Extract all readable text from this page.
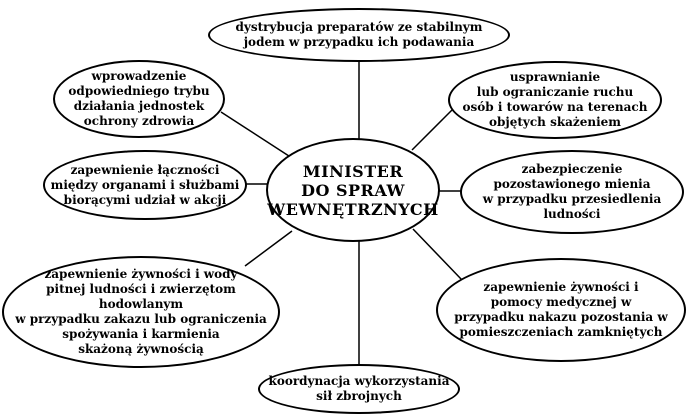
dystrybucja preparatów ze stabilnym
jodem w przypadku ich podawania
wprowadzenie
odpowiedniego trybu
działania jednostek
ochrony zdrowia
usprawnianie
lub ograniczanie ruchu
osób i towarów na terenach
objętych skażeniem
zapewnienie łączności
między organami i służbami
biorącymi udział w akcji
MINISTER
DO SPRAW
WEWNĘTRZNYCH
zabezpieczenie
pozostawionego mienia
w przypadku przesiedlenia
ludności
zapewnienie żywności i wody
pitnej ludności i zwierzętom hodowlanym
w przypadku zakazu lub ograniczenia
spożywania i karmienia
skażoną żywnością
zapewnienie żywności i
pomocy medycznej w
przypadku nakazu pozostania w
pomieszczeniach zamkniętych
koordynacja wykorzystania
sił zbrojnych
